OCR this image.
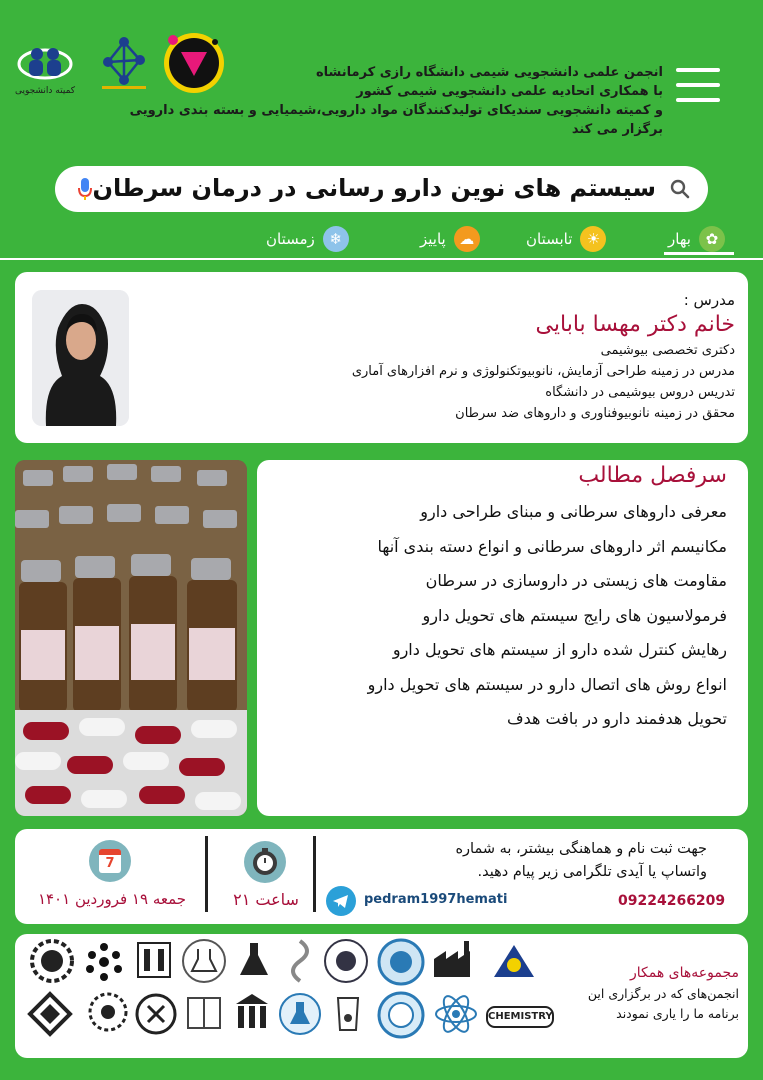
کمیته دانشجویی
انجمن علمی دانشجویی شیمی دانشگاه رازی کرمانشاه
با همکاری اتحادیه علمی دانشجویی شیمی کشور
و کمیته دانشجویی سندیکای تولیدکنندگان مواد دارویی،شیمیایی و بسته بندی دارویی
برگزار می کند
سیستم های نوین دارو رسانی در درمان سرطان
✿
بهار
☀
تابستان
☁
پاییز
❄
زمستان
مدرس :
خانم دکتر مهسا بابایی
دکتری تخصصی بیوشیمی
مدرس در زمینه طراحی آزمایش، نانوبیوتکنولوژی و نرم افزارهای آماری
تدریس دروس بیوشیمی در دانشگاه
محقق در زمینه نانوبیوفناوری و داروهای ضد سرطان
سرفصل مطالب
معرفی داروهای سرطانی و مبنای طراحی دارو
مکانیسم اثر داروهای سرطانی و انواع دسته بندی آنها
مقاومت های زیستی در داروسازی در سرطان
فرمولاسیون های رایج سیستم های تحویل دارو
رهایش کنترل شده دارو از سیستم های تحویل دارو
انواع روش های اتصال دارو در سیستم های تحویل دارو
تحویل هدفمند دارو در بافت هدف
جهت ثبت نام و هماهنگی بیشتر، به شماره
واتساپ یا آیدی تلگرامی زیر پیام دهید.
pedram1997hemati	09224266209
ساعت ۲۱
7
جمعه ۱۹ فروردین ۱۴۰۱
مجموعه‌های همکار
انجمن‌های که در برگزاری این
برنامه ما را یاری نمودند
CHEMISTRY
